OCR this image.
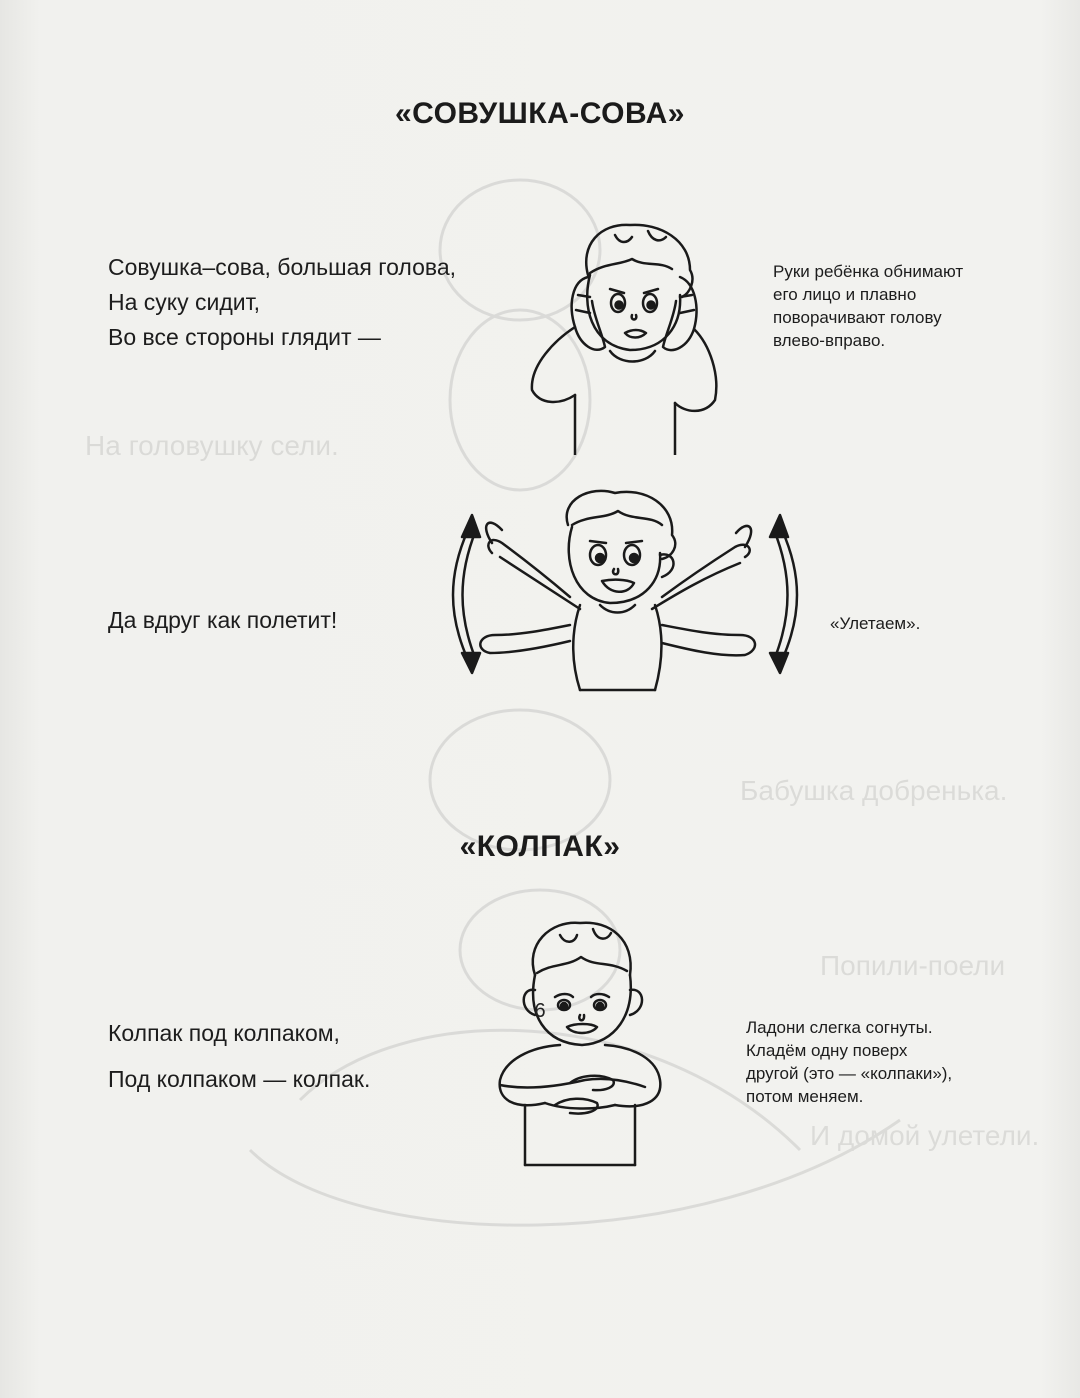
На головушку сели.
Бабушка добренька.
Попили-поели
И домой улетели.
«СОВУШКА-СОВА»
Совушка–сова, большая голова,
На суку сидит,
Во все стороны глядит —
Руки ребёнка обнимают
его лицо и плавно
поворачивают голову
влево-вправо.
Да вдруг как полетит!	«Улетаем».
«КОЛПАК»
Колпак под колпаком,
Под колпаком — колпак.
Ладони слегка согнуты.
Кладём одну поверх
другой (это — «колпаки»),
потом меняем.
6
